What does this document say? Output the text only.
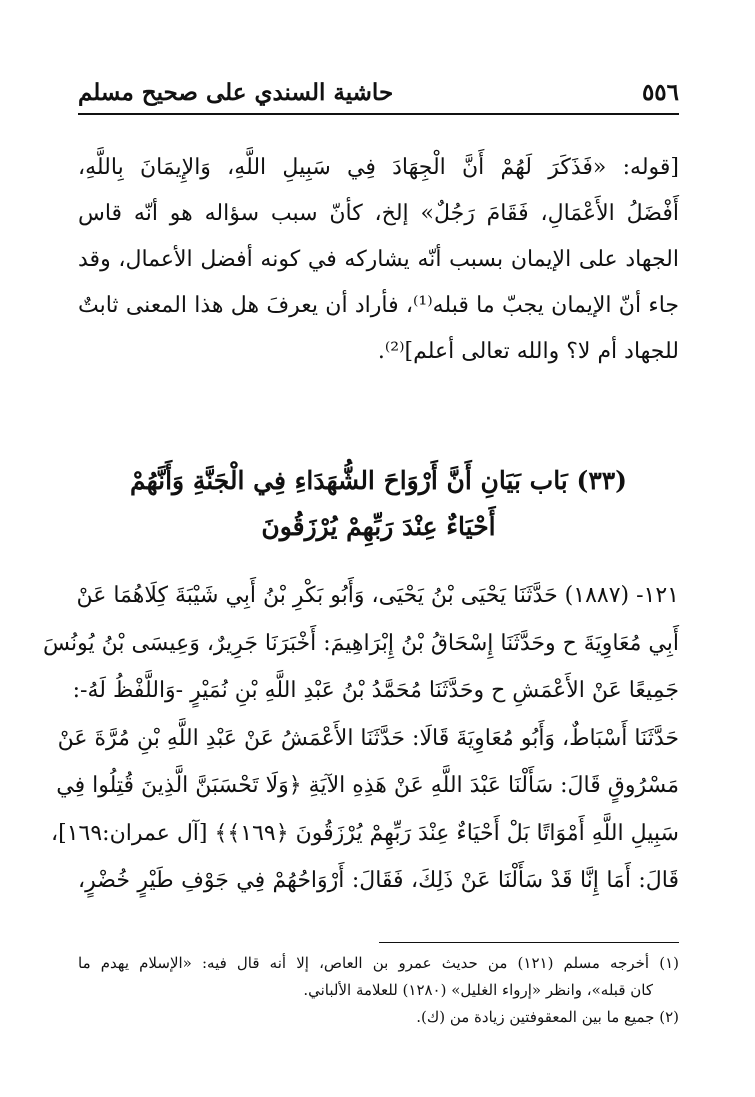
٥٥٦
حاشية السندي على صحيح مسلم
[قوله: «فَذَكَرَ لَهُمْ أَنَّ الْجِهَادَ فِي سَبِيلِ اللَّهِ، وَالإِيمَانَ بِاللَّهِ،
أَفْضَلُ الأَعْمَالِ، فَقَامَ رَجُلٌ» إلخ، كأنّ سبب سؤاله هو أنّه قاس
الجهاد على الإيمان بسبب أنّه يشاركه في كونه أفضل الأعمال، وقد
جاء أنّ الإيمان يجبّ ما قبله⁽¹⁾، فأراد أن يعرفَ هل هذا المعنى ثابتٌ
للجهاد أم لا؟ والله تعالى أعلم]⁽²⁾.
(٣٣) بَاب بَيَانِ أَنَّ أَرْوَاحَ الشُّهَدَاءِ فِي الْجَنَّةِ وَأَنَّهُمْ
أَحْيَاءٌ عِنْدَ رَبِّهِمْ يُرْزَقُونَ
١٢١- (١٨٨٧) حَدَّثَنَا يَحْيَى بْنُ يَحْيَى، وَأَبُو بَكْرِ بْنُ أَبِي شَيْبَةَ كِلَاهُمَا عَنْ
أَبِي مُعَاوِيَةَ ح وحَدَّثَنَا إِسْحَاقُ بْنُ إِبْرَاهِيمَ: أَخْبَرَنَا جَرِيرٌ، وَعِيسَى بْنُ يُونُسَ
جَمِيعًا عَنْ الأَعْمَشِ ح وحَدَّثَنَا مُحَمَّدُ بْنُ عَبْدِ اللَّهِ بْنِ نُمَيْرٍ -وَاللَّفْظُ لَهُ-:
حَدَّثَنَا أَسْبَاطٌ، وَأَبُو مُعَاوِيَةَ قَالَا: حَدَّثَنَا الأَعْمَشُ عَنْ عَبْدِ اللَّهِ بْنِ مُرَّةَ عَنْ
مَسْرُوقٍ قَالَ: سَأَلْنَا عَبْدَ اللَّهِ عَنْ هَذِهِ الآيَةِ ﴿وَلَا تَحْسَبَنَّ الَّذِينَ قُتِلُوا فِي
سَبِيلِ اللَّهِ أَمْوَاتًا بَلْ أَحْيَاءٌ عِنْدَ رَبِّهِمْ يُرْزَقُونَ ﴿١٦٩﴾﴾ [آل عمران:١٦٩]،
قَالَ: أَمَا إِنَّا قَدْ سَأَلْنَا عَنْ ذَلِكَ، فَقَالَ: أَرْوَاحُهُمْ فِي جَوْفِ طَيْرٍ خُضْرٍ،
(١) أخرجه مسلم (١٢١) من حديث عمرو بن العاص، إلا أنه قال فيه: «الإسلام يهدم ما
كان قبله»، وانظر «إرواء الغليل» (١٢٨٠) للعلامة الألباني.
(٢) جميع ما بين المعقوفتين زيادة من (ك).
